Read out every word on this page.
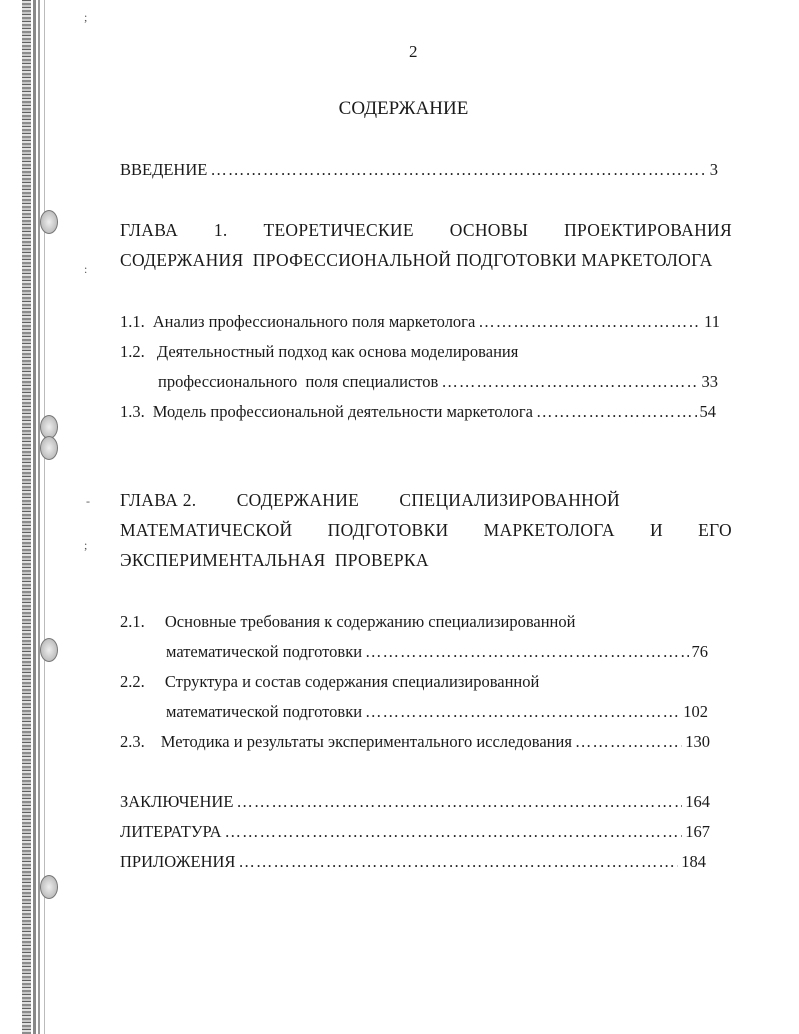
;
:
-
;
2
СОДЕРЖАНИЕ
ВВЕДЕНИЕ ……………………………………………………………………………………………………………………………………………	3
ГЛАВА 1. ТЕОРЕТИЧЕСКИЕ ОСНОВЫ ПРОЕКТИРОВАНИЯ
СОДЕРЖАНИЯ  ПРОФЕССИОНАЛЬНОЙ ПОДГОТОВКИ МАРКЕТОЛОГА
1.1. Анализ профессионального поля маркетолога ……………………………………………………………………………………………………………………………………………	11
1.2. Деятельностный подход как основа моделирования
профессионального  поля специалистов ……………………………………………………………………………………………………………………………………………	33
1.3. Модель профессиональной деятельности маркетолога ……………………………………………………………………………………………………………………………………………	54
ГЛАВА 2. СОДЕРЖАНИЕ СПЕЦИАЛИЗИРОВАННОЙ
МАТЕМАТИЧЕСКОЙ ПОДГОТОВКИ МАРКЕТОЛОГА И ЕГО
ЭКСПЕРИМЕНТАЛЬНАЯ  ПРОВЕРКА
2.1. Основные требования к содержанию специализированной
математической подготовки ……………………………………………………………………………………………………………………………………………	76
2.2. Структура и состав содержания специализированной
математической подготовки ……………………………………………………………………………………………………………………………………………	102
2.3. Методика и результаты экспериментального исследования ……………………………………………………………………………………………………………………………………………	130
ЗАКЛЮЧЕНИЕ ……………………………………………………………………………………………………………………………………………	164
ЛИТЕРАТУРА ……………………………………………………………………………………………………………………………………………	167
ПРИЛОЖЕНИЯ ……………………………………………………………………………………………………………………………………………	184
